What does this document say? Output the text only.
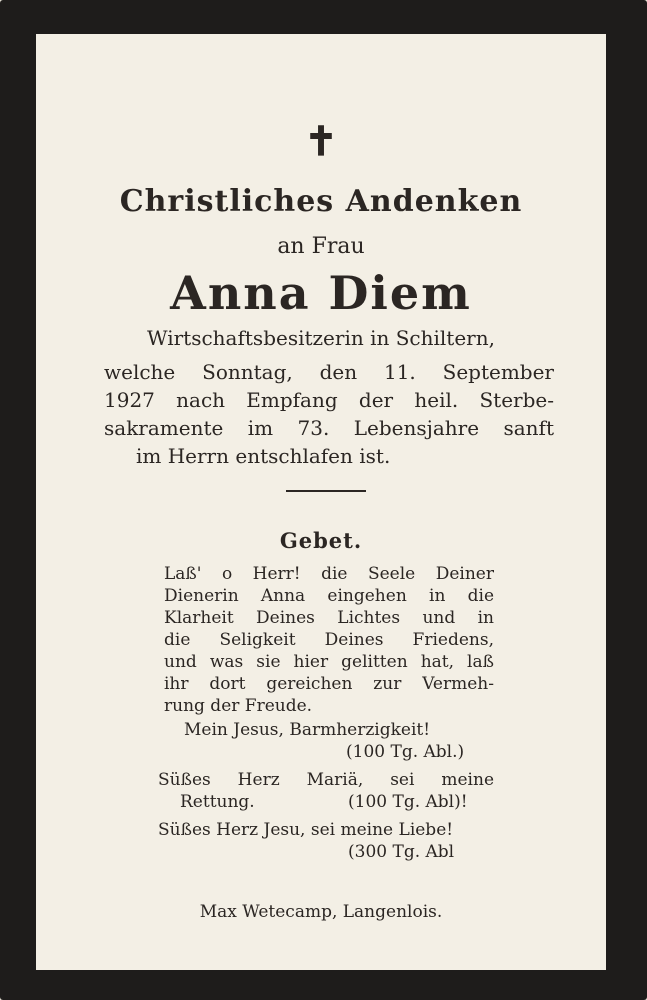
✝
Christliches Andenken
an Frau
Anna Diem
Wirtschaftsbesitzerin in Schiltern,
welche Sonntag, den 11. September
1927 nach Empfang der heil. Sterbe-
sakramente im 73. Lebensjahre sanft
im Herrn entschlafen ist.
Gebet.
Laß' o Herr! die Seele Deiner
Dienerin Anna eingehen in die
Klarheit Deines Lichtes und in
die Seligkeit Deines Friedens,
und was sie hier gelitten hat, laß
ihr dort gereichen zur Vermeh-
rung der Freude.
Mein Jesus, Barmherzigkeit!
(100 Tg. Abl.)
Süßes Herz Mariä, sei meine
Rettung.	(100 Tg. Abl)!
Süßes Herz Jesu, sei meine Liebe!
(300 Tg. Abl
Max Wetecamp, Langenlois.
